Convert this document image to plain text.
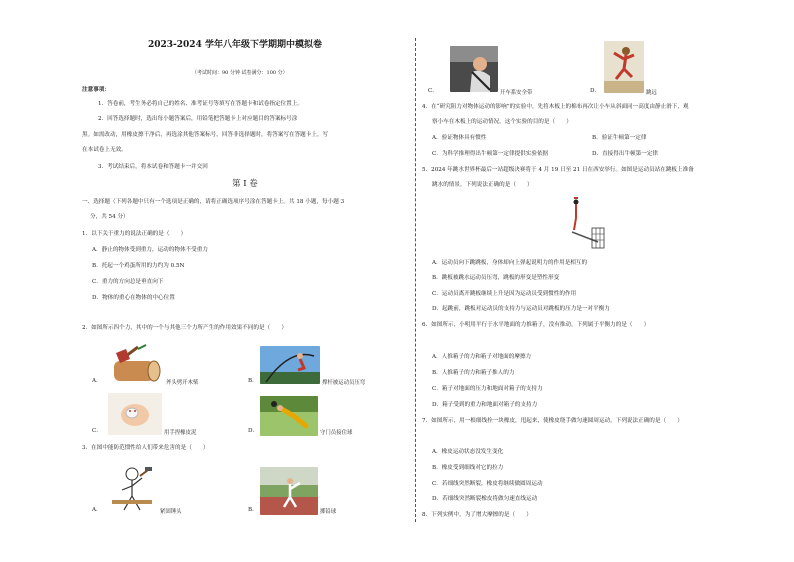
2023-2024 学年八年级下学期期中模拟卷
（考试时间：90 分钟 试卷满分：100 分）
注意事项：
1．答卷前，考生务必将自己的姓名、准考证号等填写在答题卡和试卷指定位置上。
2．回答选择题时，选出每小题答案后，用铅笔把答题卡上对应题目的答案标号涂
黑。如需改动，用橡皮擦干净后，再选涂其他答案标号。回答非选择题时，将答案写在答题卡上。写
在本试卷上无效。
3．考试结束后，将本试卷和答题卡一并交回
第 I 卷
一、选择题（下列各题中只有一个选项是正确的，请将正确选项序号涂在答题卡上。共 18 小题，每小题 3
分，共 54 分）
1．以下关于重力的说法正确的是（　　）
A．静止的物体受到重力，运动的物体不受重力
B．托起一个鸡蛋所用的力约为 0.5N
C．重力的方向总是垂直向下
D．物体的重心在物体的中心位置
2．如图所示四个力，其中的一个与其他三个力所产生的作用效果不同的是（　　）
A．	斧头劈开木柴	B．	撑杆被运动员压弯
C．	用手捏橡皮泥	D．	守门员接住球
3．在图中能防范惯性给人们带来危害的是（　　）
A．	紧固锤头	B．	掷铅球
C．	开车系安全带	D．	跳远
4．在“研究阻力对物体运动的影响”的实验中，先将木板上的棉布再次让小车从斜面同一高度由静止滑下，观
察小车在木板上的运动情况，这个实验的目的是（　　）
A．验证物体具有惯性	B．验证牛顿第一定律
C．为科学推理得出牛顿第一定律提供实验依据	D．直接得出牛顿第一定律
5．2024 年跳水世界杯最后一站超级决赛将于 4 月 19 日至 21 日在西安举行。如图是运动员站在跳板上准备
跳水的情景。下列说法正确的是（　　）
A．运动员向下跳跳板，身体却向上弹起说明力的作用是相互的
B．跳板被跳水运动员压弯，跳板的形变是塑性形变
C．运动员离开跳板继续上升是因为运动员受到惯性的作用
D．起跳前，跳板对运动员的支持力与运动员对跳板的压力是一对平衡力
6．如图所示，小明用平行于水平地面的力推箱子，没有推动。下列属于平衡力的是（　　）
A．人推箱子的力和箱子对地面的摩擦力
B．人推箱子的力和箱子推人的力
C．箱子对地面的压力和地面对箱子的支持力
D．箱子受到的重力和地面对箱子的支持力
7．如图所示，用一根细线拴一块橡皮，甩起来，使橡皮绕手做匀速圆周运动。下列说法正确的是（　　）
A．橡皮运动状态没发生变化
B．橡皮受到细线对它的拉力
C．若细线突然断裂，橡皮将继续做圆周运动
D．若细线突然断裂橡皮将做匀速直线运动
8．下列实例中，为了增大摩擦的是（　　）
